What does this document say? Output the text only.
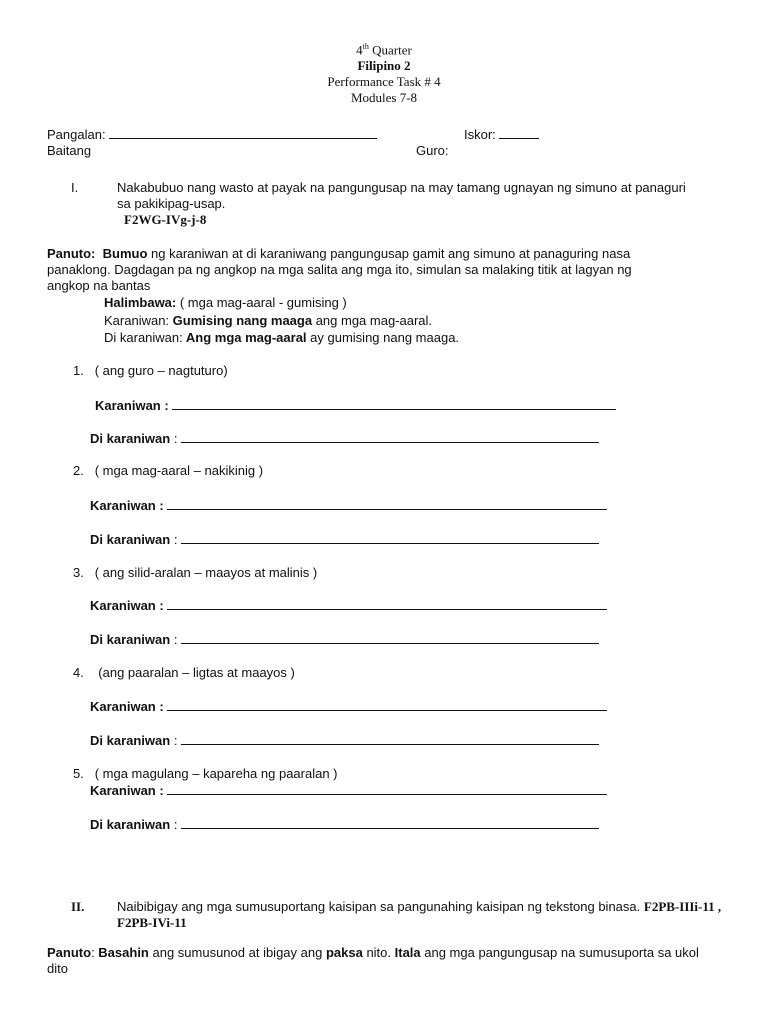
4th Quarter
Filipino 2
Performance Task # 4
Modules 7-8
Pangalan:	Iskor:
Baitang	Guro:
I.	Nakabubuo nang wasto at payak na pangungusap na may tamang ugnayan ng simuno at panaguri
sa pakikipag-usap.
F2WG-IVg-j-8
Panuto: Bumuo ng karaniwan at di karaniwang pangungusap gamit ang simuno at panaguring nasa
panaklong. Dagdagan pa ng angkop na mga salita ang mga ito, simulan sa malaking titik at lagyan ng
angkop na bantas
Halimbawa: ( mga mag-aaral - gumising )
Karaniwan: Gumising nang maaga ang mga mag-aaral.
Di karaniwan: Ang mga mag-aaral ay gumising nang maaga.
1. ( ang guro – nagtuturo)
Karaniwan :
Di karaniwan :
2. ( mga mag-aaral – nakikinig )
Karaniwan :
Di karaniwan :
3. ( ang silid-aralan – maayos at malinis )
Karaniwan :
Di karaniwan :
4. (ang paaralan – ligtas at maayos )
Karaniwan :
Di karaniwan :
5. ( mga magulang – kapareha ng paaralan )
Karaniwan :
Di karaniwan :
II.	Naibibigay ang mga sumusuportang kaisipan sa pangunahing kaisipan ng tekstong binasa. F2PB-IIIi-11 ,
F2PB-IVi-11
Panuto: Basahin ang sumusunod at ibigay ang paksa nito. Itala ang mga pangungusap na sumusuporta sa ukol
dito
